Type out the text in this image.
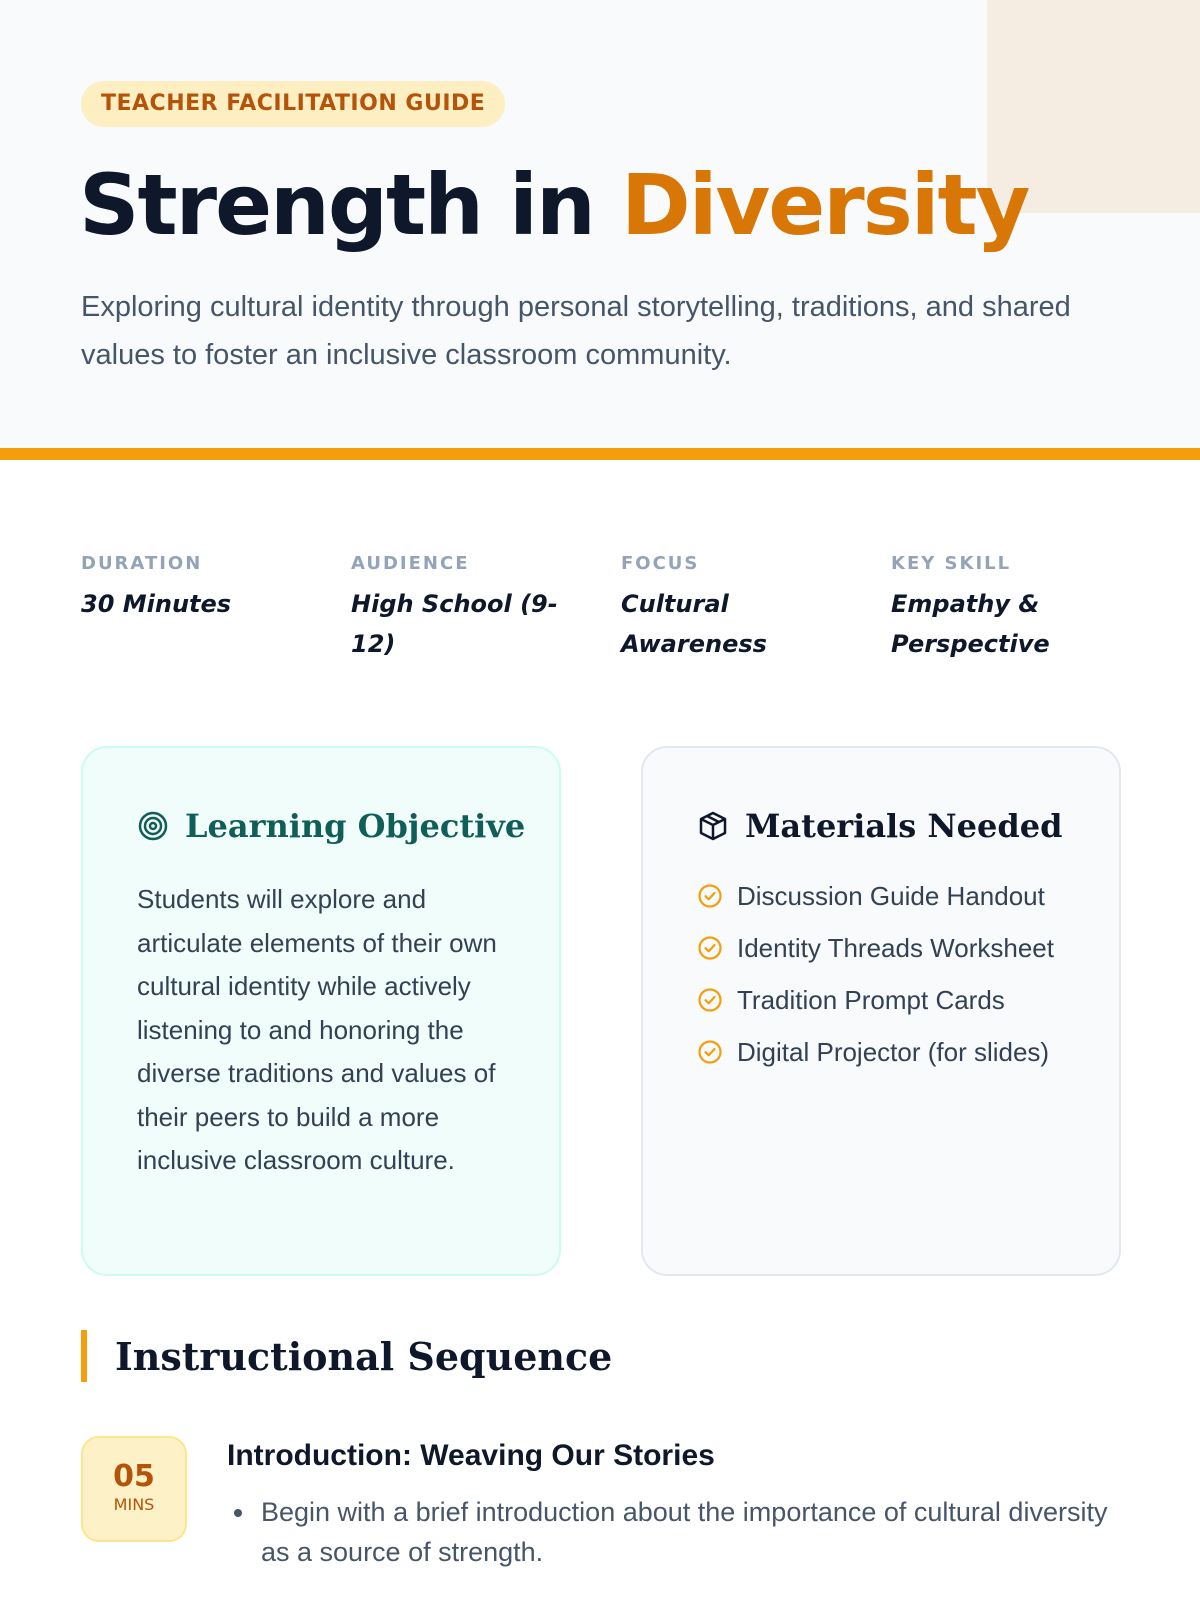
TEACHER FACILITATION GUIDE
Strength in Diversity

Exploring cultural identity through personal storytelling, traditions, and shared values to foster an inclusive classroom community.

DURATION
30 Minutes
AUDIENCE
High School (9-12)
FOCUS
Cultural Awareness
KEY SKILL
Empathy & Perspective
Learning Objective

Students will explore and articulate elements of their own cultural identity while actively listening to and honoring the diverse traditions and values of their peers to build a more inclusive classroom culture.

Materials Needed
Discussion Guide Handout
Identity Threads Worksheet
Tradition Prompt Cards
Digital Projector (for slides)
Instructional Sequence
05
MINS
Introduction: Weaving Our Stories
Begin with a brief introduction about the importance of cultural diversity as a source of strength.
